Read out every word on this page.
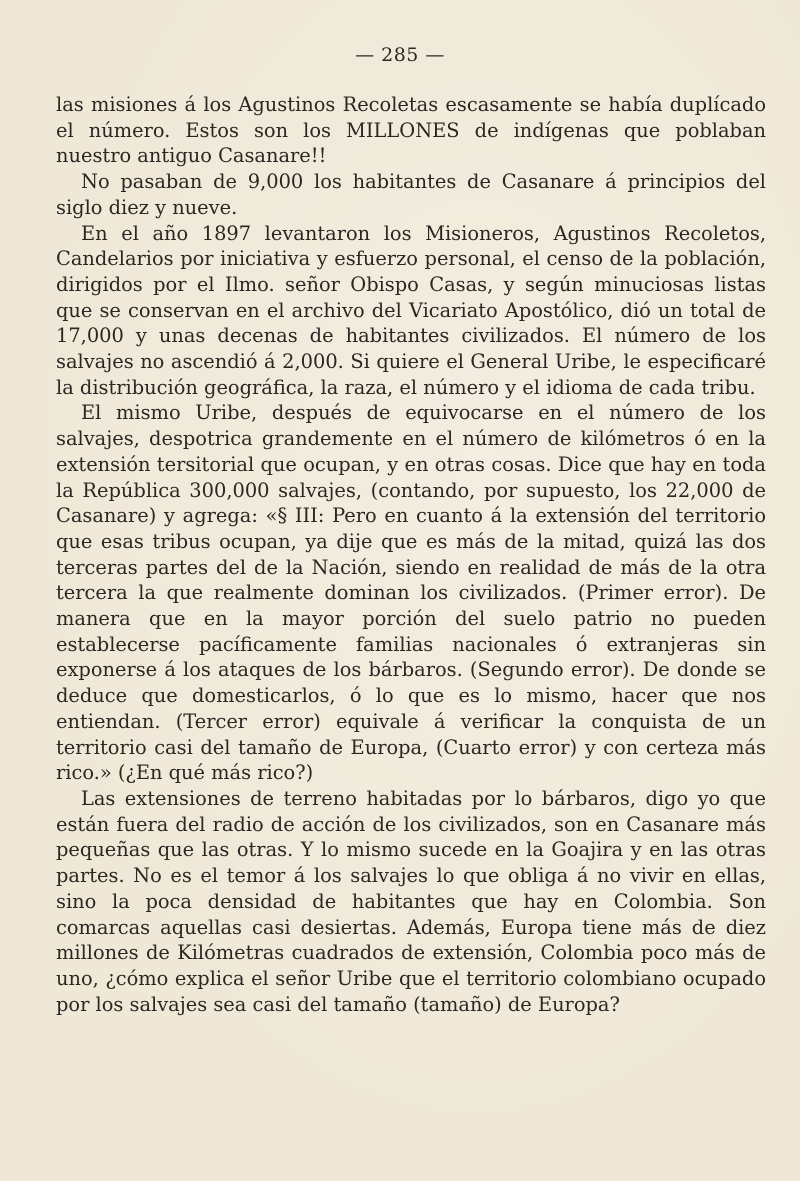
— 285 —

las misiones á los Agustinos Recoletas escasamente se había duplícado el número. Estos son los MILLONES de indígenas que poblaban nuestro antiguo Casanare!!

No pasaban de 9,000 los habitantes de Casanare á principios del siglo diez y nueve.

En el año 1897 levantaron los Misioneros, Agustinos Recoletos, Candelarios por iniciativa y esfuerzo personal, el censo de la población, dirigidos por el Ilmo. señor Obispo Casas, y según minuciosas listas que se conservan en el archivo del Vicariato Apostólico, dió un total de 17,000 y unas decenas de habitantes civilizados. El número de los salvajes no ascendió á 2,000. Si quiere el General Uribe, le especificaré la distribución geográfica, la raza, el número y el idioma de cada tribu.

El mismo Uribe, después de equivocarse en el número de los salvajes, despotrica grandemente en el número de kilómetros ó en la extensión tersitorial que ocupan, y en otras cosas. Dice que hay en toda la República 300,000 salvajes, (contando, por supuesto, los 22,000 de Casanare) y agrega: «§ III: Pero en cuanto á la extensión del territorio que esas tribus ocupan, ya dije que es más de la mitad, quizá las dos terceras partes del de la Nación, siendo en realidad de más de la otra tercera la que realmente dominan los civilizados. (Primer error). De manera que en la mayor porción del suelo patrio no pueden establecerse pacíficamente familias nacionales ó extranjeras sin exponerse á los ataques de los bárbaros. (Segundo error). De donde se deduce que domesticarlos, ó lo que es lo mismo, hacer que nos entiendan. (Tercer error) equivale á verificar la conquista de un territorio casi del tamaño de Europa, (Cuarto error) y con certeza más rico.» (¿En qué más rico?)

Las extensiones de terreno habitadas por lo bárbaros, digo yo que están fuera del radio de acción de los civilizados, son en Casanare más pequeñas que las otras. Y lo mismo sucede en la Goajira y en las otras partes. No es el temor á los salvajes lo que obliga á no vivir en ellas, sino la poca densidad de habitantes que hay en Colombia. Son comarcas aquellas casi desiertas. Además, Europa tiene más de diez millones de Kilómetras cuadrados de extensión, Colombia poco más de uno, ¿cómo explica el señor Uribe que el territorio colombiano ocupado por los salvajes sea casi del tamaño (tamaño) de Europa?
